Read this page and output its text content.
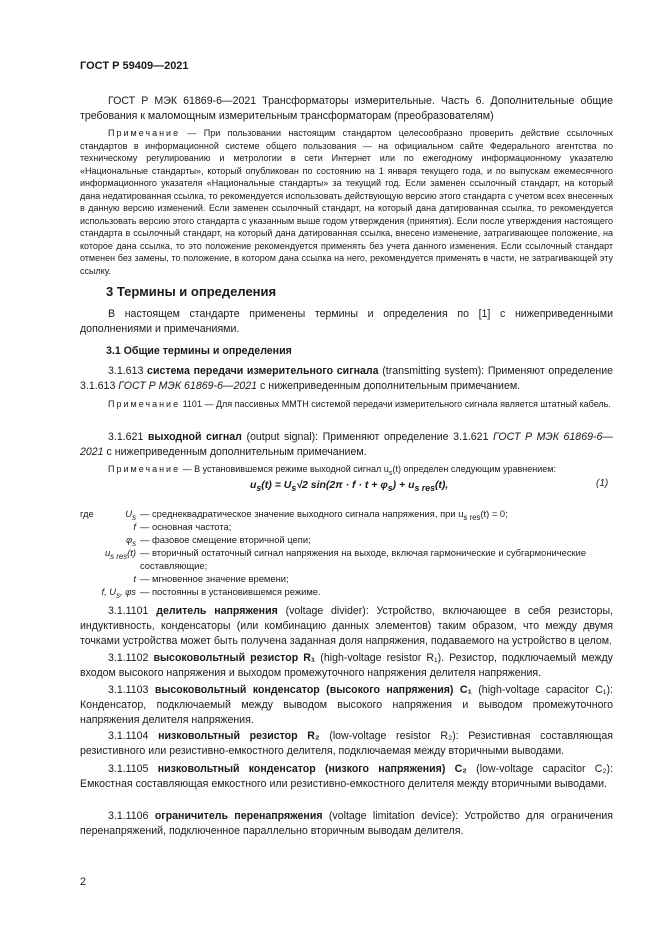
ГОСТ Р 59409—2021
ГОСТ Р МЭК 61869-6—2021 Трансформаторы измерительные. Часть 6. Дополнительные общие требования к маломощным измерительным трансформаторам (преобразователям)
Примечание — При пользовании настоящим стандартом целесообразно проверить действие ссылочных стандартов в информационной системе общего пользования — на официальном сайте Федерального агентства по техническому регулированию и метрологии в сети Интернет или по ежегодному информационному указателю «Национальные стандарты», который опубликован по состоянию на 1 января текущего года, и по выпускам ежемесячного информационного указателя «Национальные стандарты» за текущий год. Если заменен ссылочный стандарт, на который дана недатированная ссылка, то рекомендуется использовать действующую версию этого стандарта с учетом всех внесенных в данную версию изменений. Если заменен ссылочный стандарт, на который дана датированная ссылка, то рекомендуется использовать версию этого стандарта с указанным выше годом утверждения (принятия). Если после утверждения настоящего стандарта в ссылочный стандарт, на который дана датированная ссылка, внесено изменение, затрагивающее положение, на которое дана ссылка, то это положение рекомендуется применять без учета данного изменения. Если ссылочный стандарт отменен без замены, то положение, в котором дана ссылка на него, рекомендуется применять в части, не затрагивающей эту ссылку.
3 Термины и определения
В настоящем стандарте применены термины и определения по [1] с нижеприведенными дополнениями и примечаниями.
3.1 Общие термины и определения
3.1.613 система передачи измерительного сигнала (transmitting system): Применяют определение 3.1.613 ГОСТ Р МЭК 61869-6—2021 с нижеприведенным дополнительным примечанием.
Примечание 1101 — Для пассивных ММТН системой передачи измерительного сигнала является штатный кабель.
3.1.621 выходной сигнал (output signal): Применяют определение 3.1.621 ГОСТ Р МЭК 61869-6—2021 с нижеприведенным дополнительным примечанием.
Примечание — В установившемся режиме выходной сигнал $u_s(t)$ определен следующим уравнением:
$u_s(t) = U_s√2$ $\sin(2\pi \cdot f \cdot t + \varphi_s) + u_{s res}(t)$,	(1)
где	$U_s$ — среднеквадратическое значение выходного сигнала напряжения, при $u_{s res}(t) = 0$;
f — основная частота;
$\varphi_s$ — фазовое смещение вторичной цепи;
$u_{s res}(t)$ — вторичный остаточный сигнал напряжения на выходе, включая гармонические и субгармонические составляющие;
t — мгновенное значение времени;
f, $U_s$, φs — постоянны в установившемся режиме.
3.1.1101 делитель напряжения (voltage divider): Устройство, включающее в себя резисторы, индуктивность, конденсаторы (или комбинацию данных элементов) таким образом, что между двумя точками устройства может быть получена заданная доля напряжения, подаваемого на устройство в целом.
3.1.1102 высоковольтный резистор R₁ (high-voltage resistor R₁). Резистор, подключаемый между входом высокого напряжения и выходом промежуточного напряжения делителя напряжения.
3.1.1103 высоковольтный конденсатор (высокого напряжения) C₁ (high-voltage capacitor C₁): Конденсатор, подключаемый между выводом высокого напряжения и выводом промежуточного напряжения делителя напряжения.
3.1.1104 низковольтный резистор R₂ (low-voltage resistor R₂): Резистивная составляющая резистивного или резистивно-емкостного делителя, подключаемая между вторичными выводами.
3.1.1105 низковольтный конденсатор (низкого напряжения) C₂ (low-voltage capacitor C₂): Емкостная составляющая емкостного или резистивно-емкостного делителя между вторичными выводами.
3.1.1106 ограничитель перенапряжения (voltage limitation device): Устройство для ограничения перенапряжений, подключенное параллельно вторичным выводам делителя.
2
